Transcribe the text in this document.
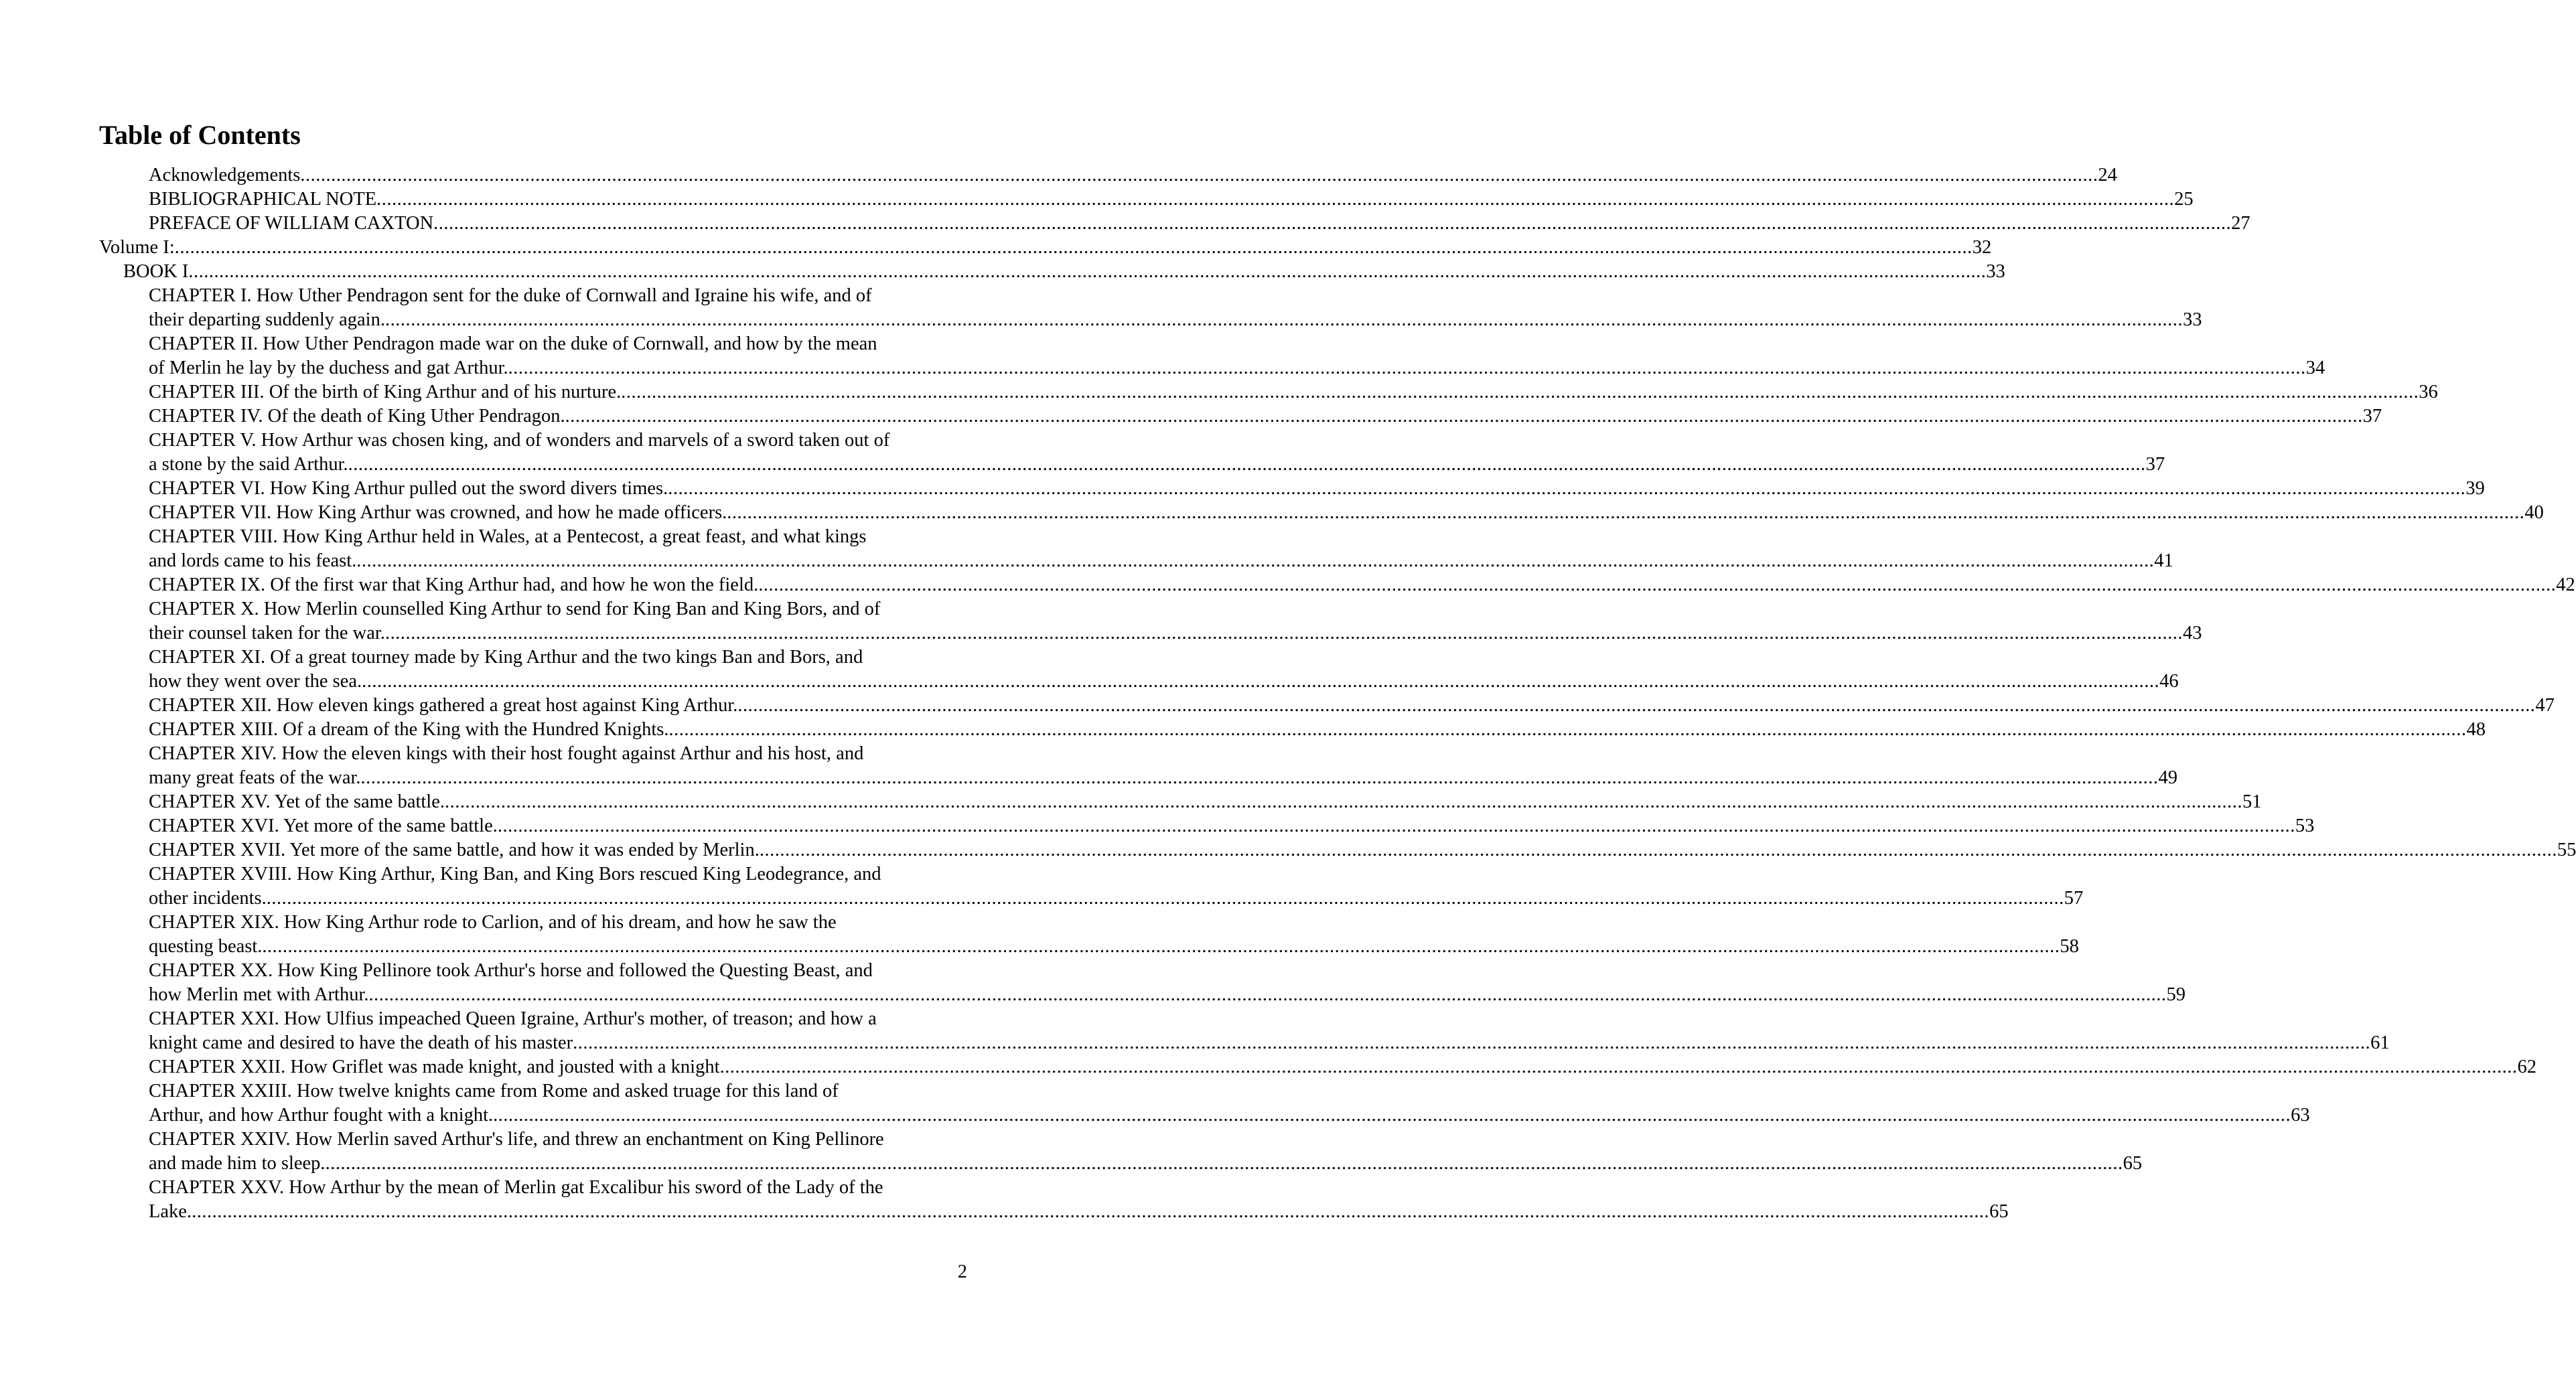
Table of Contents
Acknowledgements .....	24
BIBLIOGRAPHICAL NOTE .....	25
PREFACE OF WILLIAM CAXTON .....	27
Volume I: .....	32
BOOK I .....	33
CHAPTER I. How Uther Pendragon sent for the duke of Cornwall and Igraine his wife, and of
their departing suddenly again. .....	33
CHAPTER II. How Uther Pendragon made war on the duke of Cornwall, and how by the mean
of Merlin he lay by the duchess and gat Arthur. .....	34
CHAPTER III. Of the birth of King Arthur and of his nurture. .....	36
CHAPTER IV. Of the death of King Uther Pendragon. .....	37
CHAPTER V. How Arthur was chosen king, and of wonders and marvels of a sword taken out of
a stone by the said Arthur. .....	37
CHAPTER VI. How King Arthur pulled out the sword divers times. .....	39
CHAPTER VII. How King Arthur was crowned, and how he made officers. .....	40
CHAPTER VIII. How King Arthur held in Wales, at a Pentecost, a great feast, and what kings
and lords came to his feast. .....	41
CHAPTER IX. Of the first war that King Arthur had, and how he won the field. .....	42
CHAPTER X. How Merlin counselled King Arthur to send for King Ban and King Bors, and of
their counsel taken for the war. .....	43
CHAPTER XI. Of a great tourney made by King Arthur and the two kings Ban and Bors, and
how they went over the sea. .....	46
CHAPTER XII. How eleven kings gathered a great host against King Arthur. .....	47
CHAPTER XIII. Of a dream of the King with the Hundred Knights. .....	48
CHAPTER XIV. How the eleven kings with their host fought against Arthur and his host, and
many great feats of the war. .....	49
CHAPTER XV. Yet of the same battle. .....	51
CHAPTER XVI. Yet more of the same battle. .....	53
CHAPTER XVII. Yet more of the same battle, and how it was ended by Merlin. .....	55
CHAPTER XVIII. How King Arthur, King Ban, and King Bors rescued King Leodegrance, and
other incidents. .....	57
CHAPTER XIX. How King Arthur rode to Carlion, and of his dream, and how he saw the
questing beast. .....	58
CHAPTER XX. How King Pellinore took Arthur's horse and followed the Questing Beast, and
how Merlin met with Arthur. .....	59
CHAPTER XXI. How Ulfius impeached Queen Igraine, Arthur's mother, of treason; and how a
knight came and desired to have the death of his master .....	61
CHAPTER XXII. How Griflet was made knight, and jousted with a knight .....	62
CHAPTER XXIII. How twelve knights came from Rome and asked truage for this land of
Arthur, and how Arthur fought with a knight. .....	63
CHAPTER XXIV. How Merlin saved Arthur's life, and threw an enchantment on King Pellinore
and made him to sleep. .....	65
CHAPTER XXV. How Arthur by the mean of Merlin gat Excalibur his sword of the Lady of the
Lake. .....	65
2
